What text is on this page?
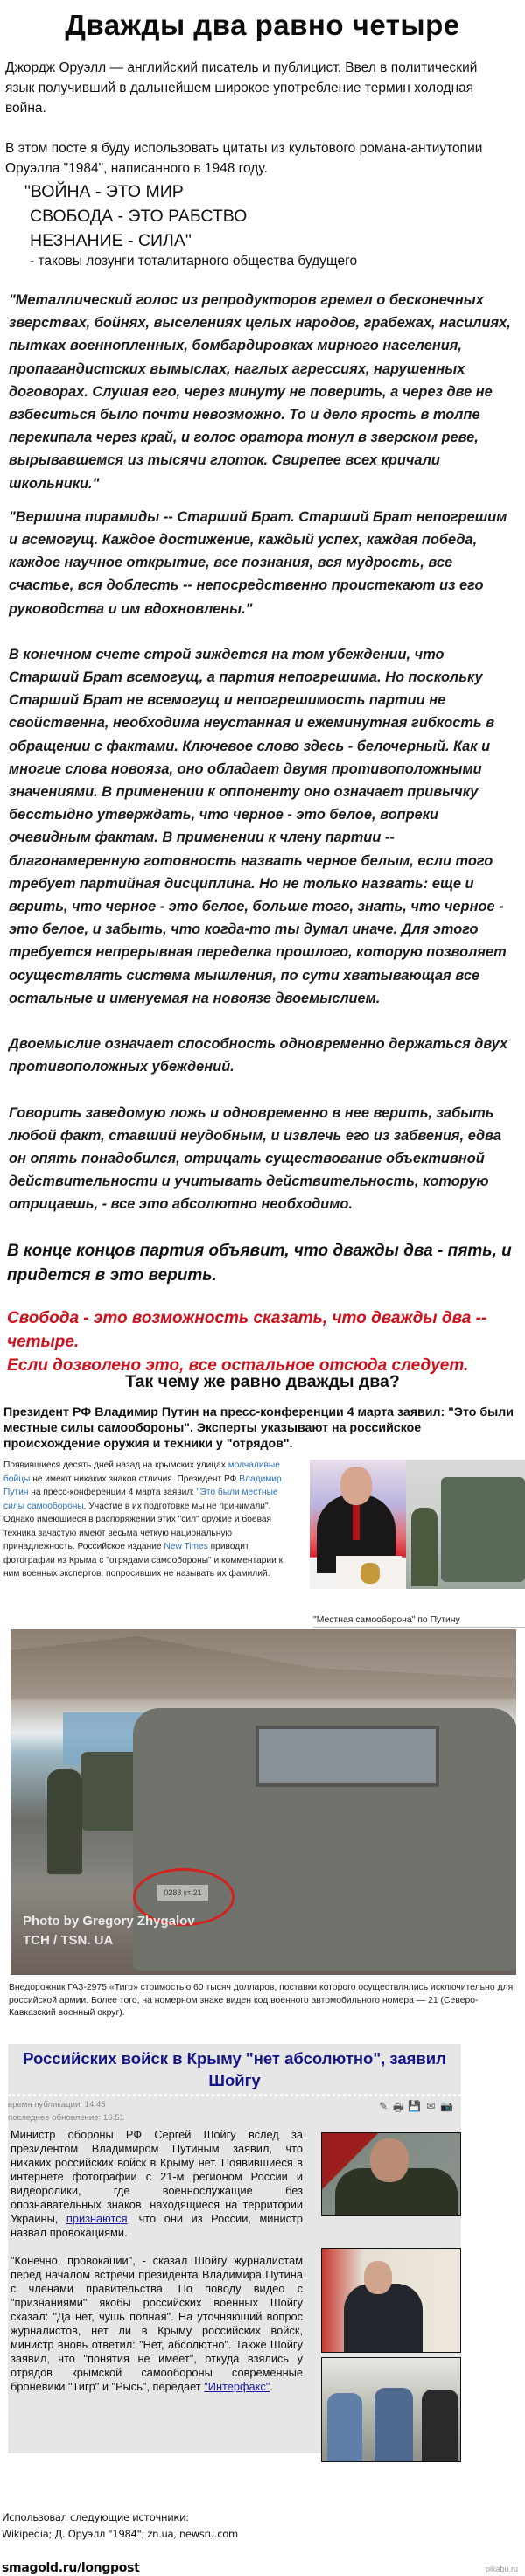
Дважды два равно четыре

Джордж Оруэлл — английский писатель и публицист. Ввел в политический язык получивший в дальнейшем широкое употребление термин холодная война.

В этом посте я буду использовать цитаты из культового романа-антиутопии Оруэлла "1984", написанного в 1948 году.

"ВОЙНА - ЭТО МИР
СВОБОДА - ЭТО РАБСТВО
НЕЗНАНИЕ - СИЛА"
- таковы лозунги тоталитарного общества будущего

"Металлический голос из репродукторов гремел о бесконечных зверствах, бойнях, выселениях целых народов, грабежах, насилиях, пытках военнопленных, бомбардировках мирного населения, пропагандистских вымыслах, наглых агрессиях, нарушенных договорах. Слушая его, через минуту не поверить, а через две не взбеситься было почти невозможно. То и дело ярость в толпе перекипала через край, и голос оратора тонул в зверском реве, вырывавшемся из тысячи глоток. Свирепее всех кричали школьники."

"Вершина пирамиды -- Старший Брат. Старший Брат непогрешим и всемогущ. Каждое достижение, каждый успех, каждая победа, каждое научное открытие, все познания, вся мудрость, все счастье, вся доблесть -- непосредственно проистекают из его руководства и им вдохновлены."

В конечном счете строй зиждется на том убеждении, что Старший Брат всемогущ, а партия непогрешима. Но поскольку Старший Брат не всемогущ и непогрешимость партии не свойственна, необходима неустанная и ежеминутная гибкость в обращении с фактами. Ключевое слово здесь - белочерный. Как и многие слова новояза, оно обладает двумя противоположными значениями. В применении к оппоненту оно означает привычку бесстыдно утверждать, что черное - это белое, вопреки очевидным фактам. В применении к члену партии -- благонамеренную готовность назвать черное белым, если того требует партийная дисциплина. Но не только назвать: еще и верить, что черное - это белое, больше того, знать, что черное - это белое, и забыть, что когда-то ты думал иначе. Для этого требуется непрерывная переделка прошлого, которую позволяет осуществлять система мышления, по сути хватывающая все остальные и именуемая на новоязе двоемыслием.

Двоемыслие означает способность одновременно держаться двух противоположных убеждений.

Говорить заведомую ложь и одновременно в нее верить, забыть любой факт, ставший неудобным, и извлечь его из забвения, едва он опять понадобился, отрицать существование объективной действительности и учитывать действительность, которую отрицаешь, - все это абсолютно необходимо.

В конце концов партия объявит, что дважды два - пять, и придется в это верить.
Свобода - это возможность сказать, что дважды два -- четыре.
Если дозволено это, все остальное отсюда следует.
Так чему же равно дважды два?
Президент РФ Владимир Путин на пресс-конференции 4 марта заявил: "Это были местные силы самообороны". Эксперты указывают на российское происхождение оружия и техники у "отрядов".
Появившиеся десять дней назад на крымских улицах молчаливые бойцы не имеют никаких знаков отличия. Президент РФ Владимир Путин на пресс-конференции 4 марта заявил: "Это были местные силы самообороны. Участие в их подготовке мы не принимали". Однако имеющиеся в распоряжении этих "сил" оружие и боевая техника зачастую имеют весьма четкую национальную принадлежность. Российское издание New Times приводит фотографии из Крыма с "отрядами самообороны" и комментарии к ним военных экспертов, попросивших не называть их фамилий.
"Местная самооборона" по Путину
0288 кт 21
Photo by Gregory Zhygalov
TCH / TSN. UA
Внедорожник ГАЗ-2975 «Тигр» стоимостью 60 тысяч долларов, поставки которого осуществлялись исключительно для российской армии. Более того, на номерном знаке виден код военного автомобильного номера — 21 (Северо-Кавказский военный округ).
Российских войск в Крыму "нет абсолютно", заявил Шойгу
время публикации: 14:45
последнее обновление: 16:51
✎ 🖶 💾 ✉ 📷

Министр обороны РФ Сергей Шойгу вслед за президентом Владимиром Путиным заявил, что никаких российских войск в Крыму нет. Появившиеся в интернете фотографии с 21-м регионом России и видеоролики, где военнослужащие без опознавательных знаков, находящиеся на территории Украины, признаются, что они из России, министр назвал провокациями.

"Конечно, провокации", - сказал Шойгу журналистам перед началом встречи президента Владимира Путина с членами правительства. По поводу видео с "признаниями" якобы российских военных Шойгу сказал: "Да нет, чушь полная". На уточняющий вопрос журналистов, нет ли в Крыму российских войск, министр вновь ответил: "Нет, абсолютно". Также Шойгу заявил, что "понятия не имеет", откуда взялись у отрядов крымской самообороны современные броневики "Тигр" и "Рысь", передает "Интерфакс".

Использовал следующие источники:
Wikipedia; Д. Оруэлл "1984"; zn.ua, newsru.com
smagold.ru/longpost	pikabu.ru
